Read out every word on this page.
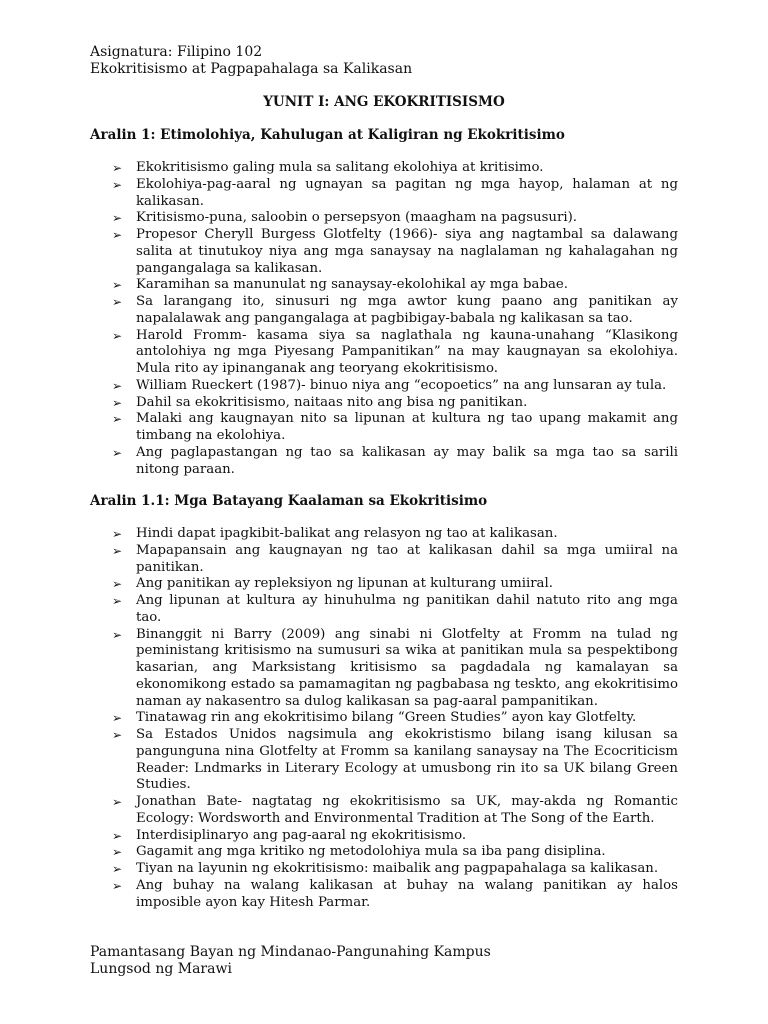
Asignatura: Filipino 102
Ekokritisismo at Pagpapahalaga sa Kalikasan
YUNIT I: ANG EKOKRITISISMO
Aralin 1: Etimolohiya, Kahulugan at Kaligiran ng Ekokritisimo
➢ Ekokritisismo galing mula sa salitang ekolohiya at kritisimo.
➢ Ekolohiya-pag-aaral ng ugnayan sa pagitan ng mga hayop, halaman at ng kalikasan.
➢ Kritisismo-puna, saloobin o persepsyon (maagham na pagsusuri).
➢ Propesor Cheryll Burgess Glotfelty (1966)- siya ang nagtambal sa dalawang salita at tinutukoy niya ang mga sanaysay na naglalaman ng kahalagahan ng pangangalaga sa kalikasan.
➢ Karamihan sa manunulat ng sanaysay-ekolohikal ay mga babae.
➢ Sa larangang ito, sinusuri ng mga awtor kung paano ang panitikan ay napalalawak ang pangangalaga at pagbibigay-babala ng kalikasan sa tao.
➢ Harold Fromm- kasama siya sa naglathala ng kauna-unahang “Klasikong antolohiya ng mga Piyesang Pampanitikan” na may kaugnayan sa ekolohiya. Mula rito ay ipinanganak ang teoryang ekokritisismo.
➢ William Rueckert (1987)- binuo niya ang “ecopoetics” na ang lunsaran ay tula.
➢ Dahil sa ekokritisismo, naitaas nito ang bisa ng panitikan.
➢ Malaki ang kaugnayan nito sa lipunan at kultura ng tao upang makamit ang timbang na ekolohiya.
➢ Ang paglapastangan ng tao sa kalikasan ay may balik sa mga tao sa sarili nitong paraan.
Aralin 1.1: Mga Batayang Kaalaman sa Ekokritisimo
➢ Hindi dapat ipagkibit-balikat ang relasyon ng tao at kalikasan.
➢ Mapapansain ang kaugnayan ng tao at kalikasan dahil sa mga umiiral na panitikan.
➢ Ang panitikan ay repleksiyon ng lipunan at kulturang umiiral.
➢ Ang lipunan at kultura ay hinuhulma ng panitikan dahil natuto rito ang mga tao.
➢ Binanggit ni Barry (2009) ang sinabi ni Glotfelty at Fromm na tulad ng peministang kritisismo na sumusuri sa wika at panitikan mula sa pespektibong kasarian, ang Marksistang kritisismo sa pagdadala ng kamalayan sa ekonomikong estado sa pamamagitan ng pagbabasa ng teskto, ang ekokritisimo naman ay nakasentro sa dulog kalikasan sa pag-aaral pampanitikan.
➢ Tinatawag rin ang ekokritisimo bilang “Green Studies” ayon kay Glotfelty.
➢ Sa Estados Unidos nagsimula ang ekokristismo bilang isang kilusan sa pangunguna nina Glotfelty at Fromm sa kanilang sanaysay na The Ecocriticism Reader: Lndmarks in Literary Ecology at umusbong rin ito sa UK bilang Green Studies.
➢ Jonathan Bate- nagtatag ng ekokritisismo sa UK, may-akda ng Romantic Ecology: Wordsworth and Environmental Tradition at The Song of the Earth.
➢ Interdisiplinaryo ang pag-aaral ng ekokritisismo.
➢ Gagamit ang mga kritiko ng metodolohiya mula sa iba pang disiplina.
➢ Tiyan na layunin ng ekokritisismo: maibalik ang pagpapahalaga sa kalikasan.
➢ Ang buhay na walang kalikasan at buhay na walang panitikan ay halos imposible ayon kay Hitesh Parmar.
Pamantasang Bayan ng Mindanao-Pangunahing Kampus
Lungsod ng Marawi
